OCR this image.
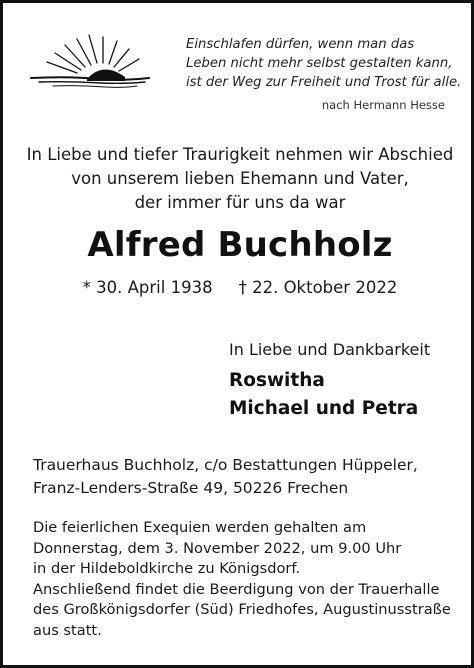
Einschlafen dürfen, wenn man das
Leben nicht mehr selbst gestalten kann,
ist der Weg zur Freiheit und Trost für alle.
nach Hermann Hesse
In Liebe und tiefer Traurigkeit nehmen wir Abschied
von unserem lieben Ehemann und Vater,
der immer für uns da war
Alfred Buchholz
* 30. April 1938 † 22. Oktober 2022
In Liebe und Dankbarkeit
Roswitha
Michael und Petra
Trauerhaus Buchholz, c/o Bestattungen Hüppeler,
Franz-Lenders-Straße 49, 50226 Frechen
Die feierlichen Exequien werden gehalten am
Donnerstag, dem 3. November 2022, um 9.00 Uhr
in der Hildeboldkirche zu Königsdorf.
Anschließend findet die Beerdigung von der Trauerhalle
des Großkönigsdorfer (Süd) Friedhofes, Augustinusstraße
aus statt.
